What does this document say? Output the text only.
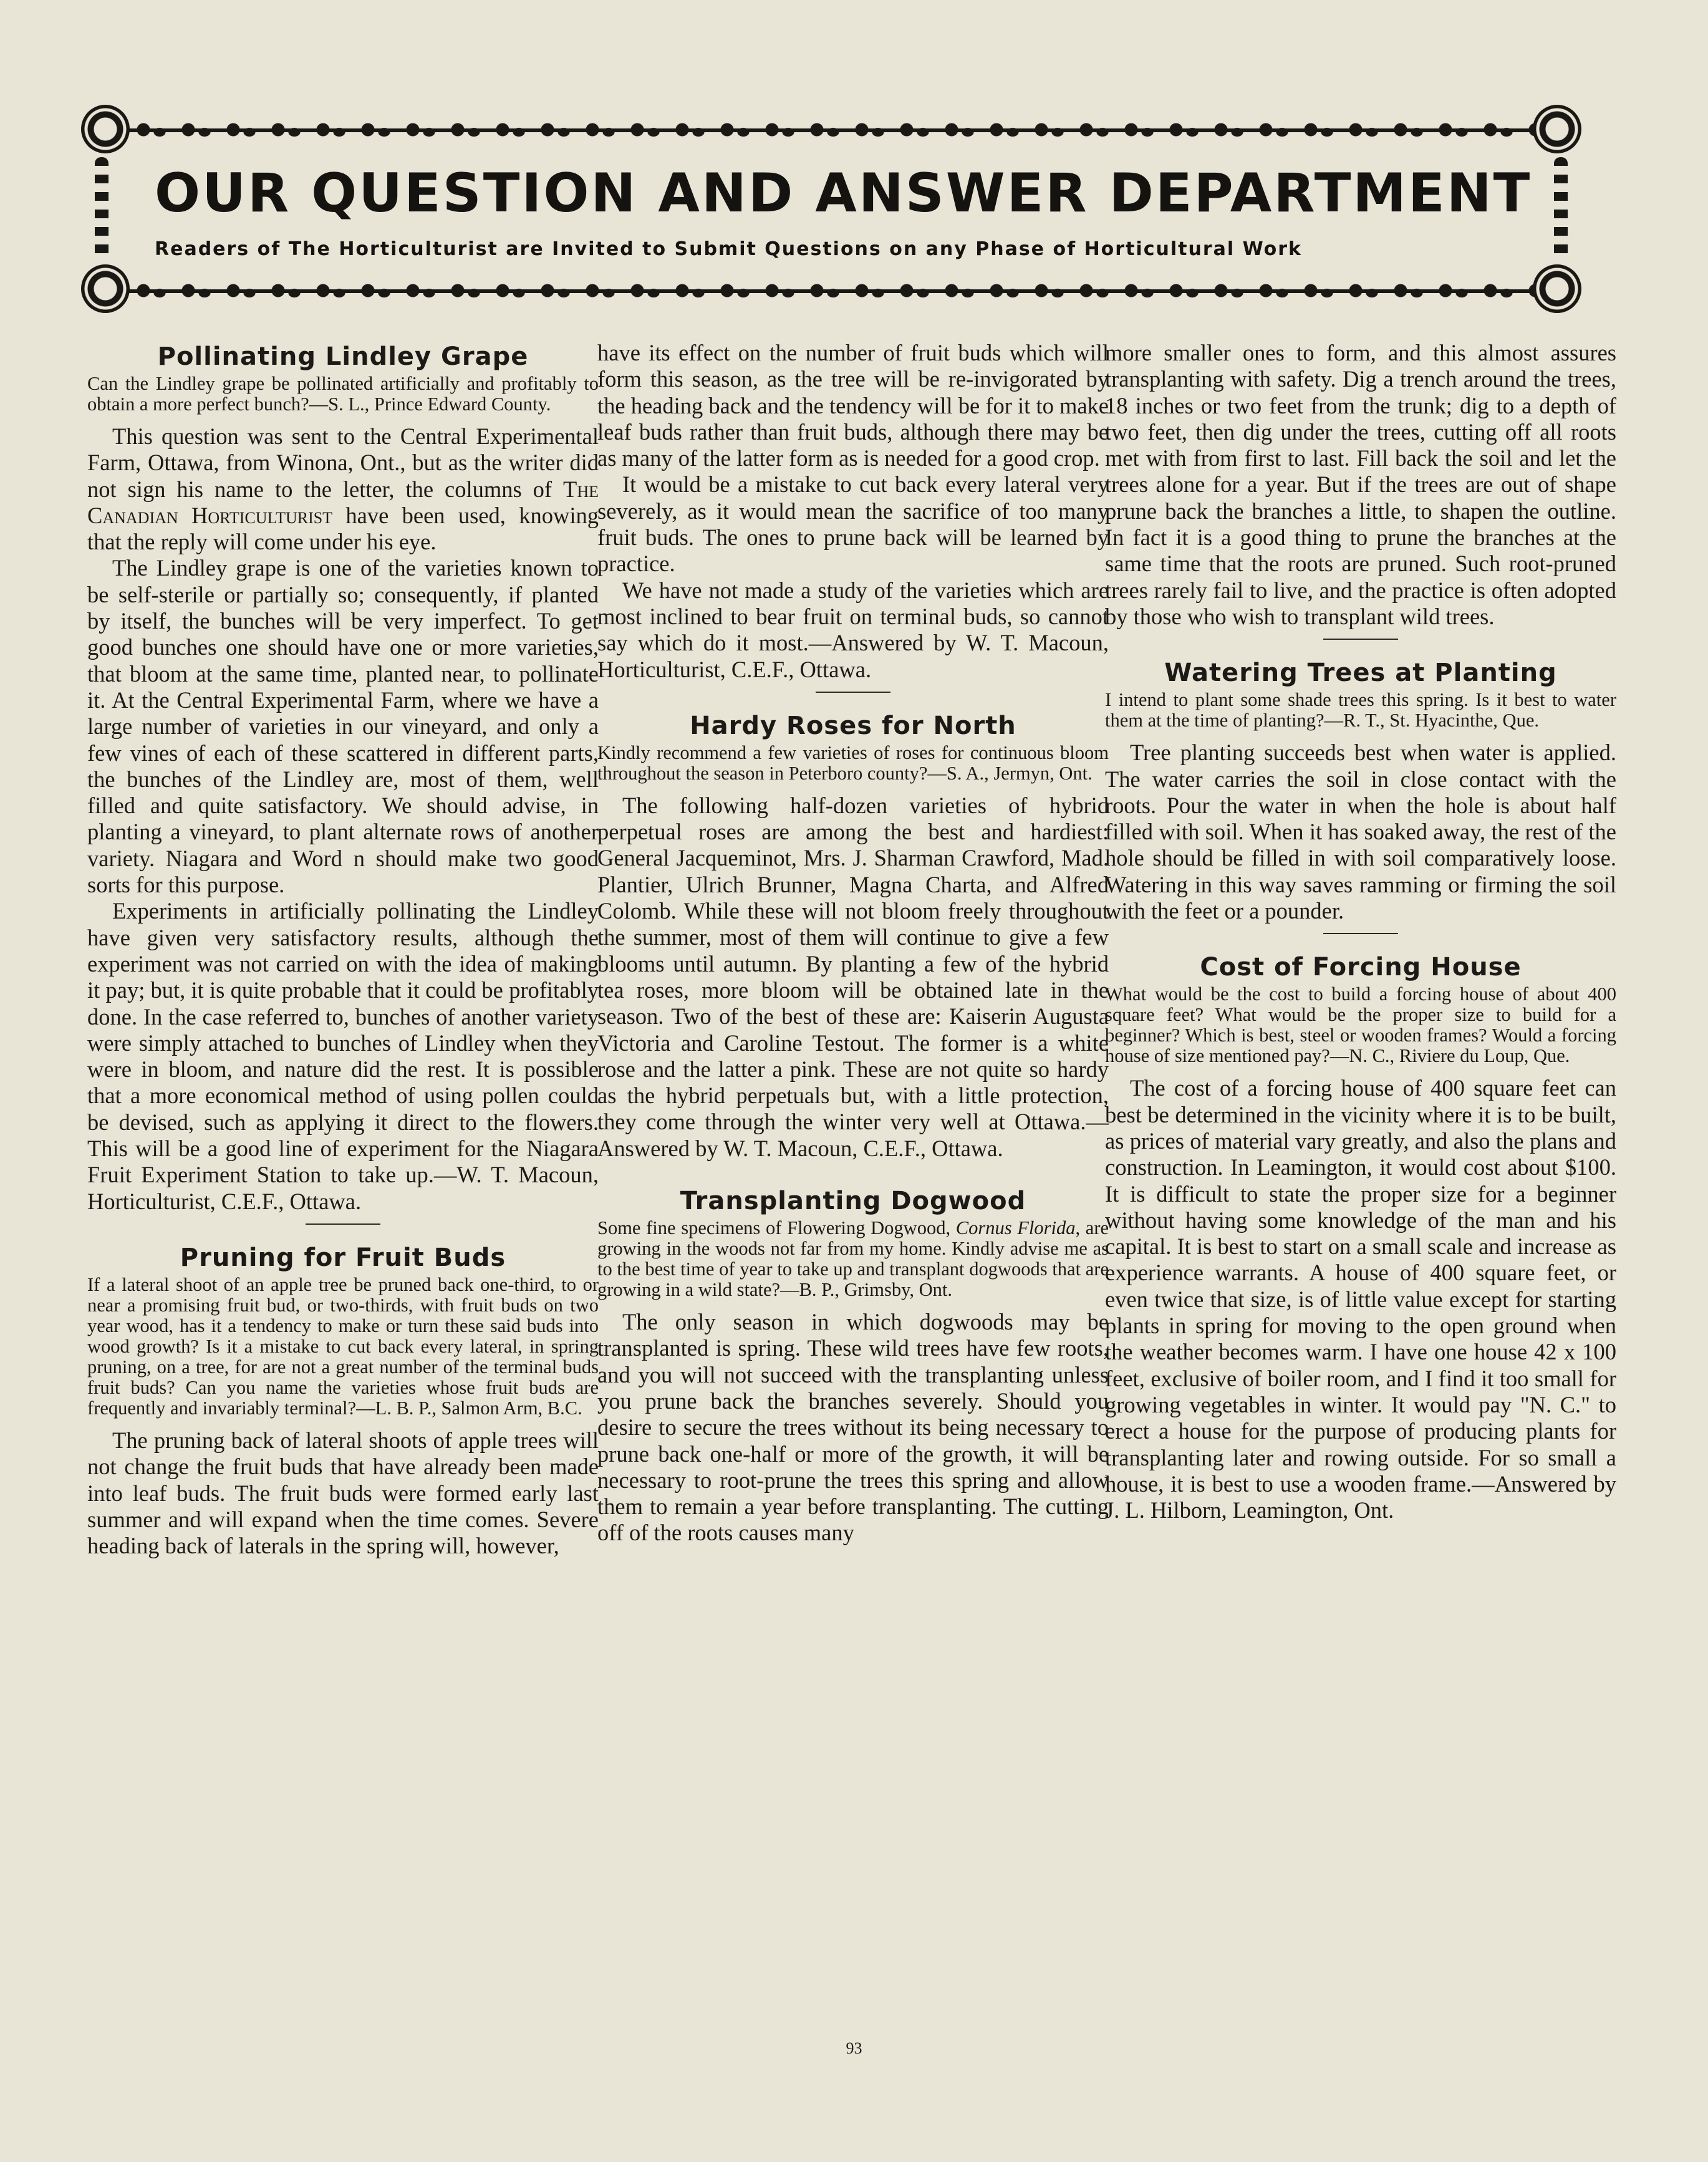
OUR QUESTION AND ANSWER DEPARTMENT
Readers of The Horticulturist are Invited to Submit Questions on any Phase of Horticultural Work
Pollinating Lindley Grape

Can the Lindley grape be pollinated artificially and profitably to obtain a more perfect bunch?—S. L., Prince Edward County.

This question was sent to the Central Experimental Farm, Ottawa, from Winona, Ont., but as the writer did not sign his name to the letter, the columns of The Canadian Horticulturist have been used, knowing that the reply will come under his eye.

The Lindley grape is one of the varieties known to be self-sterile or partially so; consequently, if planted by itself, the bunches will be very imperfect. To get good bunches one should have one or more varieties, that bloom at the same time, planted near, to pollinate it. At the Central Experimental Farm, where we have a large number of varieties in our vineyard, and only a few vines of each of these scattered in different parts, the bunches of the Lindley are, most of them, well filled and quite satisfactory. We should advise, in planting a vineyard, to plant alternate rows of another variety. Niagara and Word n should make two good sorts for this purpose.

Experiments in artificially pollinating the Lindley have given very satisfactory results, although the experiment was not carried on with the idea of making it pay; but, it is quite probable that it could be profitably done. In the case referred to, bunches of another variety were simply attached to bunches of Lindley when they were in bloom, and nature did the rest. It is possible that a more economical method of using pollen could be devised, such as applying it direct to the flowers. This will be a good line of experiment for the Niagara Fruit Experiment Station to take up.—W. T. Macoun, Horticulturist, C.E.F., Ottawa.

Pruning for Fruit Buds

If a lateral shoot of an apple tree be pruned back one-third, to or near a promising fruit bud, or two-thirds, with fruit buds on two year wood, has it a tendency to make or turn these said buds into wood growth? Is it a mistake to cut back every lateral, in spring pruning, on a tree, for are not a great number of the terminal buds fruit buds? Can you name the varieties whose fruit buds are frequently and invariably terminal?—L. B. P., Salmon Arm, B.C.

The pruning back of lateral shoots of apple trees will not change the fruit buds that have already been made into leaf buds. The fruit buds were formed early last summer and will expand when the time comes. Severe heading back of laterals in the spring will, however,

have its effect on the number of fruit buds which will form this season, as the tree will be re-invigorated by the heading back and the tendency will be for it to make leaf buds rather than fruit buds, although there may be as many of the latter form as is needed for a good crop.

It would be a mistake to cut back every lateral very severely, as it would mean the sacrifice of too many fruit buds. The ones to prune back will be learned by practice.

We have not made a study of the varieties which are most inclined to bear fruit on terminal buds, so cannot say which do it most.—Answered by W. T. Macoun, Horticulturist, C.E.F., Ottawa.

Hardy Roses for North

Kindly recommend a few varieties of roses for continuous bloom throughout the season in Peterboro county?—S. A., Jermyn, Ont.

The following half-dozen varieties of hybrid perpetual roses are among the best and hardiest: General Jacqueminot, Mrs. J. Sharman Crawford, Mad. Plantier, Ulrich Brunner, Magna Charta, and Alfred Colomb. While these will not bloom freely throughout the summer, most of them will continue to give a few blooms until autumn. By planting a few of the hybrid tea roses, more bloom will be obtained late in the season. Two of the best of these are: Kaiserin Augusta Victoria and Caroline Testout. The former is a white rose and the latter a pink. These are not quite so hardy as the hybrid perpetuals but, with a little protection, they come through the winter very well at Ottawa.—Answered by W. T. Macoun, C.E.F., Ottawa.

Transplanting Dogwood

Some fine specimens of Flowering Dogwood, Cornus Florida, are growing in the woods not far from my home. Kindly advise me as to the best time of year to take up and transplant dogwoods that are growing in a wild state?—B. P., Grimsby, Ont.

The only season in which dogwoods may be transplanted is spring. These wild trees have few roots, and you will not succeed with the transplanting unless you prune back the branches severely. Should you desire to secure the trees without its being necessary to prune back one-half or more of the growth, it will be necessary to root-prune the trees this spring and allow them to remain a year before transplanting. The cutting off of the roots causes many

more smaller ones to form, and this almost assures transplanting with safety. Dig a trench around the trees, 18 inches or two feet from the trunk; dig to a depth of two feet, then dig under the trees, cutting off all roots met with from first to last. Fill back the soil and let the trees alone for a year. But if the trees are out of shape prune back the branches a little, to shapen the outline. In fact it is a good thing to prune the branches at the same time that the roots are pruned. Such root-pruned trees rarely fail to live, and the practice is often adopted by those who wish to transplant wild trees.

Watering Trees at Planting

I intend to plant some shade trees this spring. Is it best to water them at the time of planting?—R. T., St. Hyacinthe, Que.

Tree planting succeeds best when water is applied. The water carries the soil in close contact with the roots. Pour the water in when the hole is about half filled with soil. When it has soaked away, the rest of the hole should be filled in with soil comparatively loose. Watering in this way saves ramming or firming the soil with the feet or a pounder.

Cost of Forcing House

What would be the cost to build a forcing house of about 400 square feet? What would be the proper size to build for a beginner? Which is best, steel or wooden frames? Would a forcing house of size mentioned pay?—N. C., Riviere du Loup, Que.

The cost of a forcing house of 400 square feet can best be determined in the vicinity where it is to be built, as prices of material vary greatly, and also the plans and construction. In Leamington, it would cost about $100. It is difficult to state the proper size for a beginner without having some knowledge of the man and his capital. It is best to start on a small scale and increase as experience warrants. A house of 400 square feet, or even twice that size, is of little value except for starting plants in spring for moving to the open ground when the weather becomes warm. I have one house 42 x 100 feet, exclusive of boiler room, and I find it too small for growing vegetables in winter. It would pay "N. C." to erect a house for the purpose of producing plants for transplanting later and rowing outside. For so small a house, it is best to use a wooden frame.—Answered by J. L. Hilborn, Leamington, Ont.

93
